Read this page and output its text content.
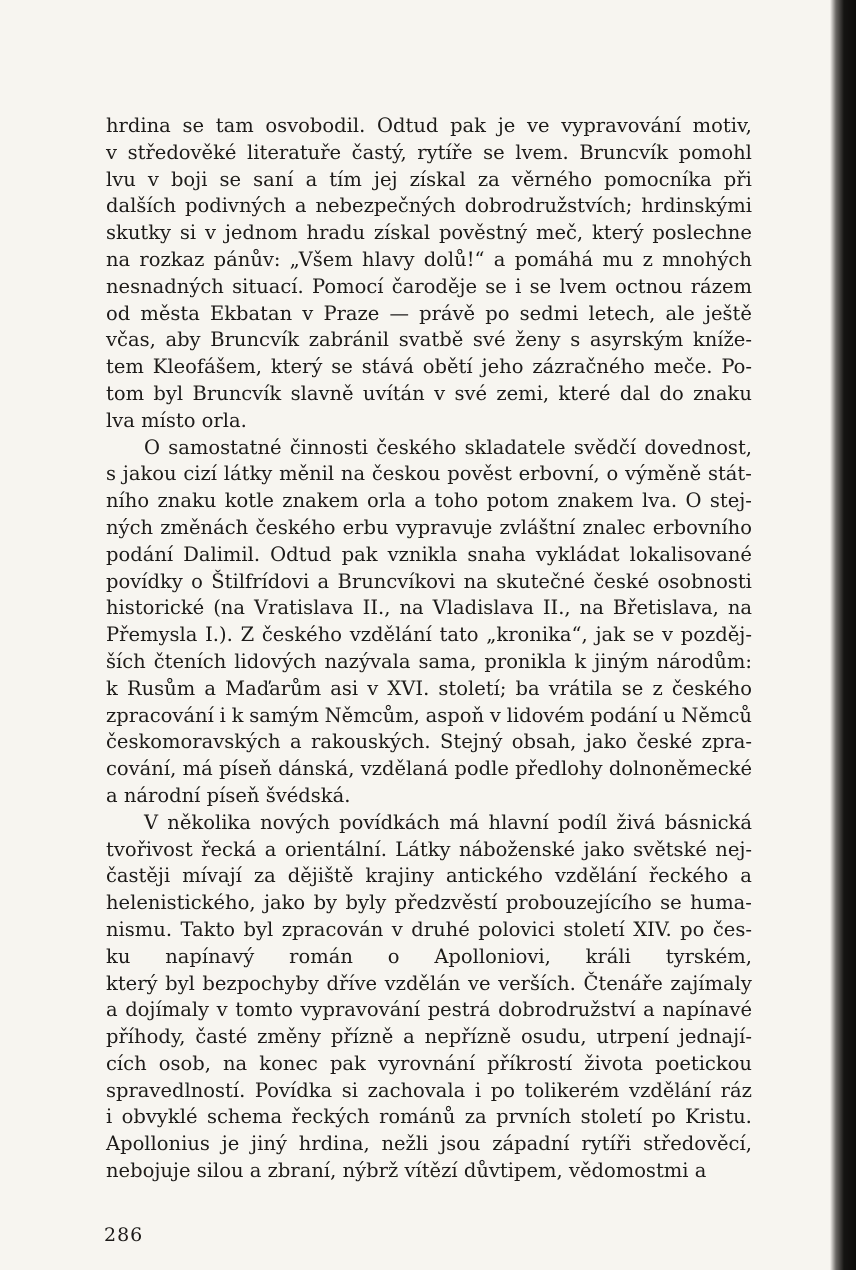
hrdina se tam osvobodil. Odtud pak je ve vypravování motiv,
v středověké literatuře častý, rytíře se lvem. Bruncvík pomohl
lvu v boji se saní a tím jej získal za věrného pomocníka při
dalších podivných a nebezpečných dobrodružstvích; hrdinskými
skutky si v jednom hradu získal pověstný meč, který poslechne
na rozkaz pánův: „Všem hlavy dolů!“ a pomáhá mu z mnohých
nesnadných situací. Pomocí čaroděje se i se lvem octnou rázem
od města Ekbatan v Praze — právě po sedmi letech, ale ještě
včas, aby Bruncvík zabránil svatbě své ženy s asyrským kníže-
tem Kleofášem, který se stává obětí jeho zázračného meče. Po-
tom byl Bruncvík slavně uvítán v své zemi, které dal do znaku
lva místo orla.
O samostatné činnosti českého skladatele svědčí dovednost,
s jakou cizí látky měnil na českou pověst erbovní, o výměně stát-
ního znaku kotle znakem orla a toho potom znakem lva. O stej-
ných změnách českého erbu vypravuje zvláštní znalec erbovního
podání Dalimil. Odtud pak vznikla snaha vykládat lokalisované
povídky o Štilfrídovi a Bruncvíkovi na skutečné české osobnosti
historické (na Vratislava II., na Vladislava II., na Břetislava, na
Přemysla I.). Z českého vzdělání tato „kronika“, jak se v pozděj-
ších čteních lidových nazývala sama, pronikla k jiným národům:
k Rusům a Maďarům asi v XVI. století; ba vrátila se z českého
zpracování i k samým Němcům, aspoň v lidovém podání u Němců
českomoravských a rakouských. Stejný obsah, jako české zpra-
cování, má píseň dánská, vzdělaná podle předlohy dolnoněmecké
a národní píseň švédská.
V několika nových povídkách má hlavní podíl živá básnická
tvořivost řecká a orientální. Látky náboženské jako světské nej-
častěji mívají za dějiště krajiny antického vzdělání řeckého a
helenistického, jako by byly předzvěstí probouzejícího se huma-
nismu. Takto byl zpracován v druhé polovici století XIV. po čes-
ku napínavý román o Apolloniovi, králi tyrském,
který byl bezpochyby dříve vzdělán ve verších. Čtenáře zajímaly
a dojímaly v tomto vypravování pestrá dobrodružství a napínavé
příhody, časté změny přízně a nepřízně osudu, utrpení jednají-
cích osob, na konec pak vyrovnání příkrostí života poetickou
spravedlností. Povídka si zachovala i po tolikerém vzdělání ráz
i obvyklé schema řeckých románů za prvních století po Kristu.
Apollonius je jiný hrdina, nežli jsou západní rytíři středověcí,
nebojuje silou a zbraní, nýbrž vítězí důvtipem, vědomostmi a
286
